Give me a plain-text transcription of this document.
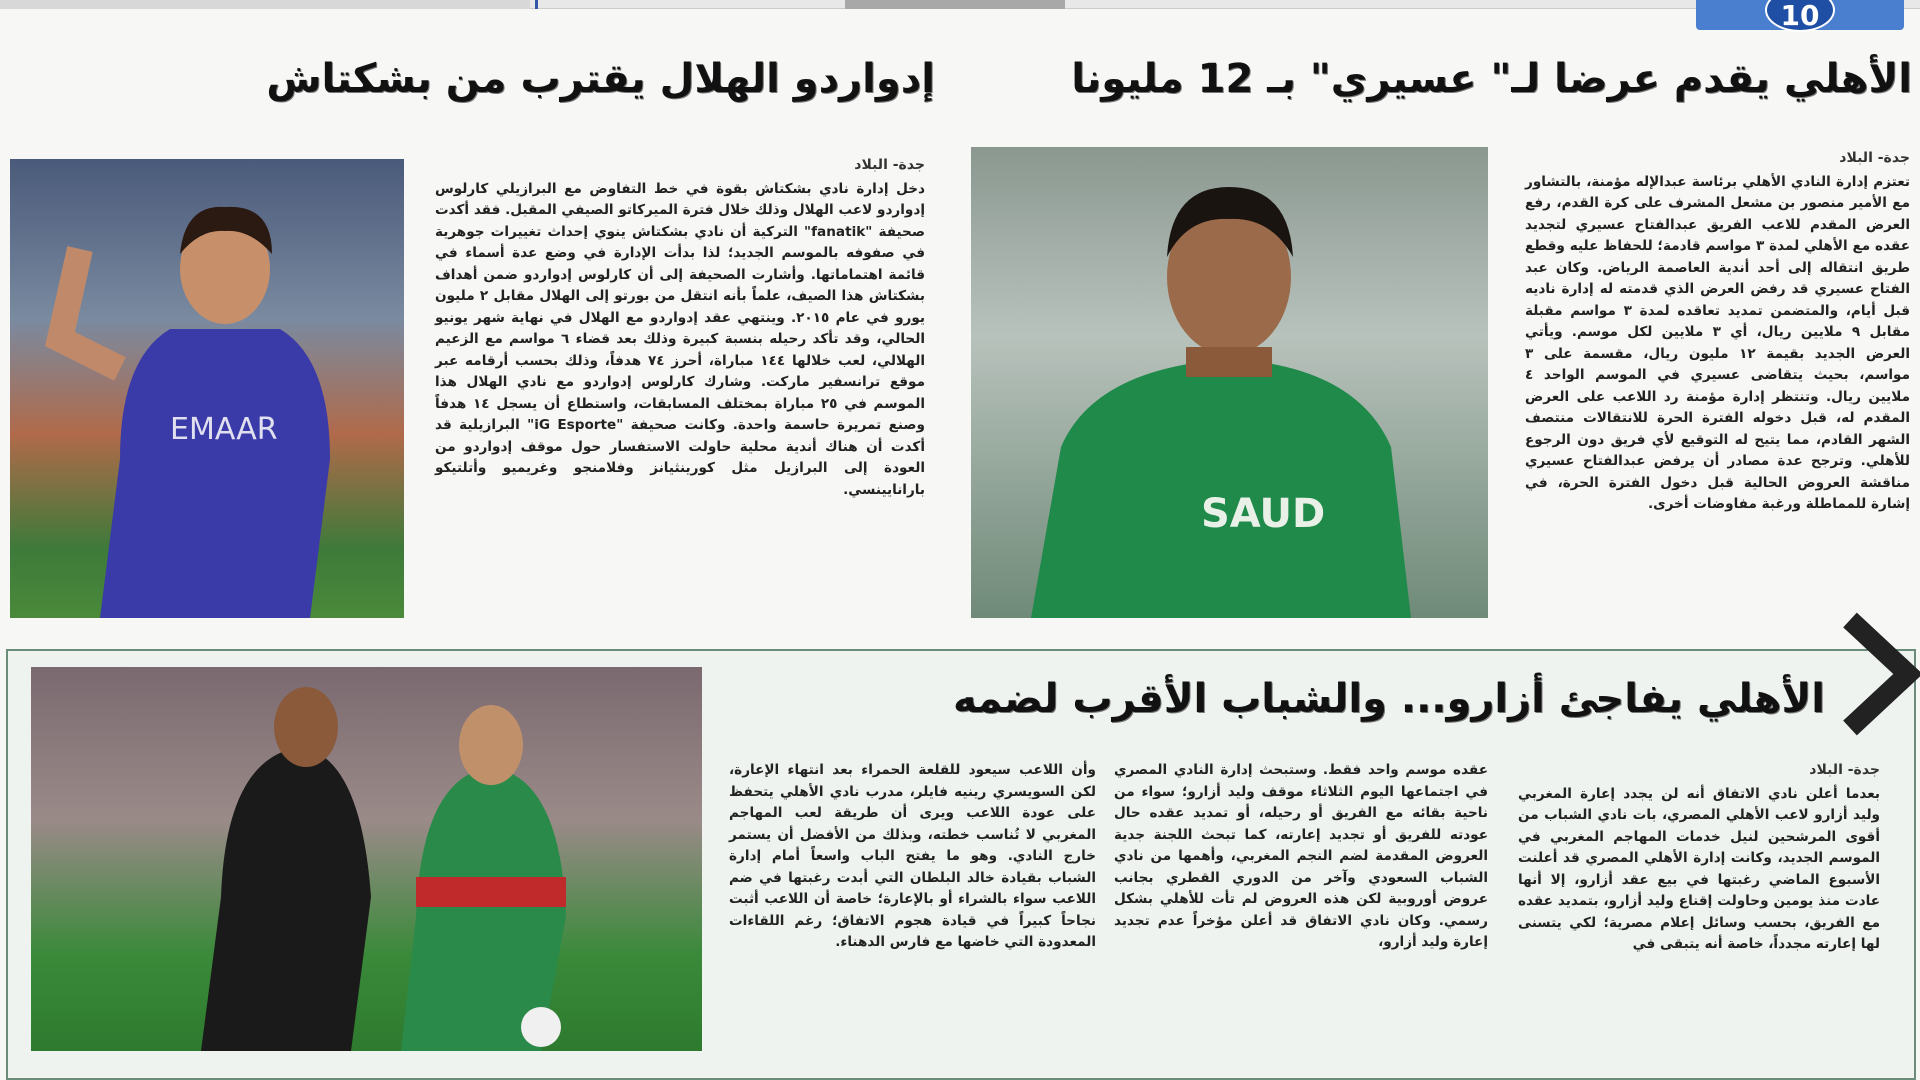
10
الأهلي يقدم عرضا لـ" عسيري" بـ 12 مليونا
جدة- البلاد
تعتزم إدارة النادي الأهلي برئاسة عبدالإله مؤمنة، بالتشاور مع الأمير منصور بن مشعل المشرف على كرة القدم، رفع العرض المقدم للاعب الفريق عبدالفتاح عسيري لتجديد عقده مع الأهلي لمدة ٣ مواسم قادمة؛ للحفاظ عليه وقطع طريق انتقاله إلى أحد أندية العاصمة الرياض. وكان عبد الفتاح عسيري قد رفض العرض الذي قدمته له إدارة ناديه قبل أيام، والمتضمن تمديد تعاقده لمدة ٣ مواسم مقبلة مقابل ٩ ملايين ريال، أي ٣ ملايين لكل موسم. ويأتي العرض الجديد بقيمة ١٢ مليون ريال، مقسمة على ٣ مواسم، بحيث يتقاضى عسيري في الموسم الواحد ٤ ملايين ريال. وتنتظر إدارة مؤمنة رد اللاعب على العرض المقدم له، قبل دخوله الفترة الحرة للانتقالات منتصف الشهر القادم، مما يتيح له التوقيع لأي فريق دون الرجوع للأهلي. وترجح عدة مصادر أن يرفض عبدالفتاح عسيري مناقشة العروض الحالية قبل دخول الفترة الحرة، في إشارة للمماطلة ورغبة مفاوضات أخرى.
SAUD
إدواردو الهلال يقترب من بشكتاش
جدة- البلاد
دخل إدارة نادي بشكتاش بقوة في خط التفاوض مع البرازيلي كارلوس إدواردو لاعب الهلال وذلك خلال فترة الميركاتو الصيفي المقبل. فقد أكدت صحيفة "fanatik" التركية أن نادي بشكتاش ينوي إحداث تغييرات جوهرية في صفوفه بالموسم الجديد؛ لذا بدأت الإدارة في وضع عدة أسماء في قائمة اهتماماتها. وأشارت الصحيفة إلى أن كارلوس إدواردو ضمن أهداف بشكتاش هذا الصيف، علماً بأنه انتقل من بورتو إلى الهلال مقابل ٢ مليون يورو في عام ٢٠١٥. وينتهي عقد إدواردو مع الهلال في نهاية شهر يونيو الحالي، وقد تأكد رحيله بنسبة كبيرة وذلك بعد قضاء ٦ مواسم مع الزعيم الهلالي، لعب خلالها ١٤٤ مباراة، أحرز ٧٤ هدفاً، وذلك بحسب أرقامه عبر موقع ترانسفير ماركت. وشارك كارلوس إدواردو مع نادي الهلال هذا الموسم في ٢٥ مباراة بمختلف المسابقات، واستطاع أن يسجل ١٤ هدفاً وصنع تمريرة حاسمة واحدة. وكانت صحيفة "iG Esporte" البرازيلية قد أكدت أن هناك أندية محلية حاولت الاستفسار حول موقف إدواردو من العودة إلى البرازيل مثل كورينثيانز وفلامنجو وغريميو وأتلتيكو بارانايينسي.
EMAAR
الأهلي يفاجئ أزارو... والشباب الأقرب لضمه
جدة- البلاد
بعدما أعلن نادي الاتفاق أنه لن يجدد إعارة المغربي وليد أزارو لاعب الأهلي المصري، بات نادي الشباب من أقوى المرشحين لنيل خدمات المهاجم المغربي في الموسم الجديد، وكانت إدارة الأهلي المصري قد أعلنت الأسبوع الماضي رغبتها في بيع عقد أزارو، إلا أنها عادت منذ يومين وحاولت إقناع وليد أزارو، بتمديد عقده مع الفريق، بحسب وسائل إعلام مصرية؛ لكي يتسنى لها إعارته مجدداً، خاصة أنه يتبقى في
عقده موسم واحد فقط. وستبحث إدارة النادي المصري في اجتماعها اليوم الثلاثاء موقف وليد أزارو؛ سواء من ناحية بقائه مع الفريق أو رحيله، أو تمديد عقده حال عودته للفريق أو تجديد إعارته، كما تبحث اللجنة جدية العروض المقدمة لضم النجم المغربي، وأهمها من نادي الشباب السعودي وآخر من الدوري القطري بجانب عروض أوروبية لكن هذه العروض لم تأت للأهلي بشكل رسمي. وكان نادي الاتفاق قد أعلن مؤخراً عدم تجديد إعارة وليد أزارو،
وأن اللاعب سيعود للقلعة الحمراء بعد انتهاء الإعارة، لكن السويسري رينيه فايلر، مدرب نادي الأهلي يتحفظ على عودة اللاعب ويرى أن طريقة لعب المهاجم المغربي لا تُناسب خطته، وبذلك من الأفضل أن يستمر خارج النادي. وهو ما يفتح الباب واسعاً أمام إدارة الشباب بقيادة خالد البلطان التي أبدت رغبتها في ضم اللاعب سواء بالشراء أو بالإعارة؛ خاصة أن اللاعب أثبت نجاحاً كبيراً في قيادة هجوم الاتفاق؛ رغم اللقاءات المعدودة التي خاضها مع فارس الدهناء.
